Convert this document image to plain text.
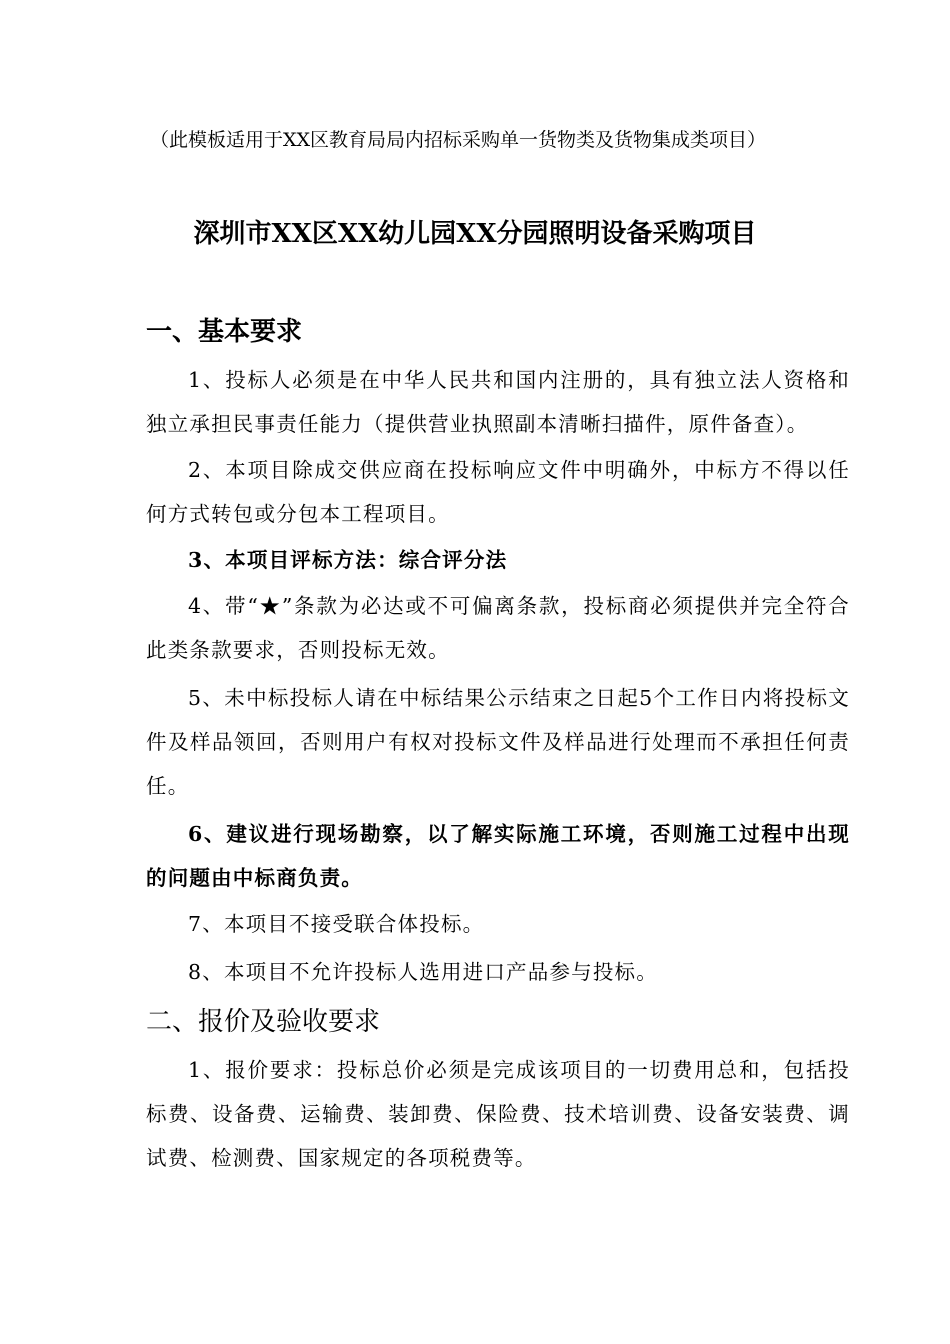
（此模板适用于XX区教育局局内招标采购单一货物类及货物集成类项目）
深圳市XX区XX幼儿园XX分园照明设备采购项目
一、基本要求
1、投标人必须是在中华人民共和国内注册的，具有独立法人资格和独立承担民事责任能力（提供营业执照副本清晰扫描件，原件备查）。
2、本项目除成交供应商在投标响应文件中明确外，中标方不得以任何方式转包或分包本工程项目。
3、本项目评标方法：综合评分法
4、带“★”条款为必达或不可偏离条款，投标商必须提供并完全符合此类条款要求，否则投标无效。
5、未中标投标人请在中标结果公示结束之日起5个工作日内将投标文件及样品领回，否则用户有权对投标文件及样品进行处理而不承担任何责任。
6、建议进行现场勘察，以了解实际施工环境，否则施工过程中出现的问题由中标商负责。
7、本项目不接受联合体投标。
8、本项目不允许投标人选用进口产品参与投标。
二、报价及验收要求
1、报价要求：投标总价必须是完成该项目的一切费用总和，包括投标费、设备费、运输费、装卸费、保险费、技术培训费、设备安装费、调试费、检测费、国家规定的各项税费等。
